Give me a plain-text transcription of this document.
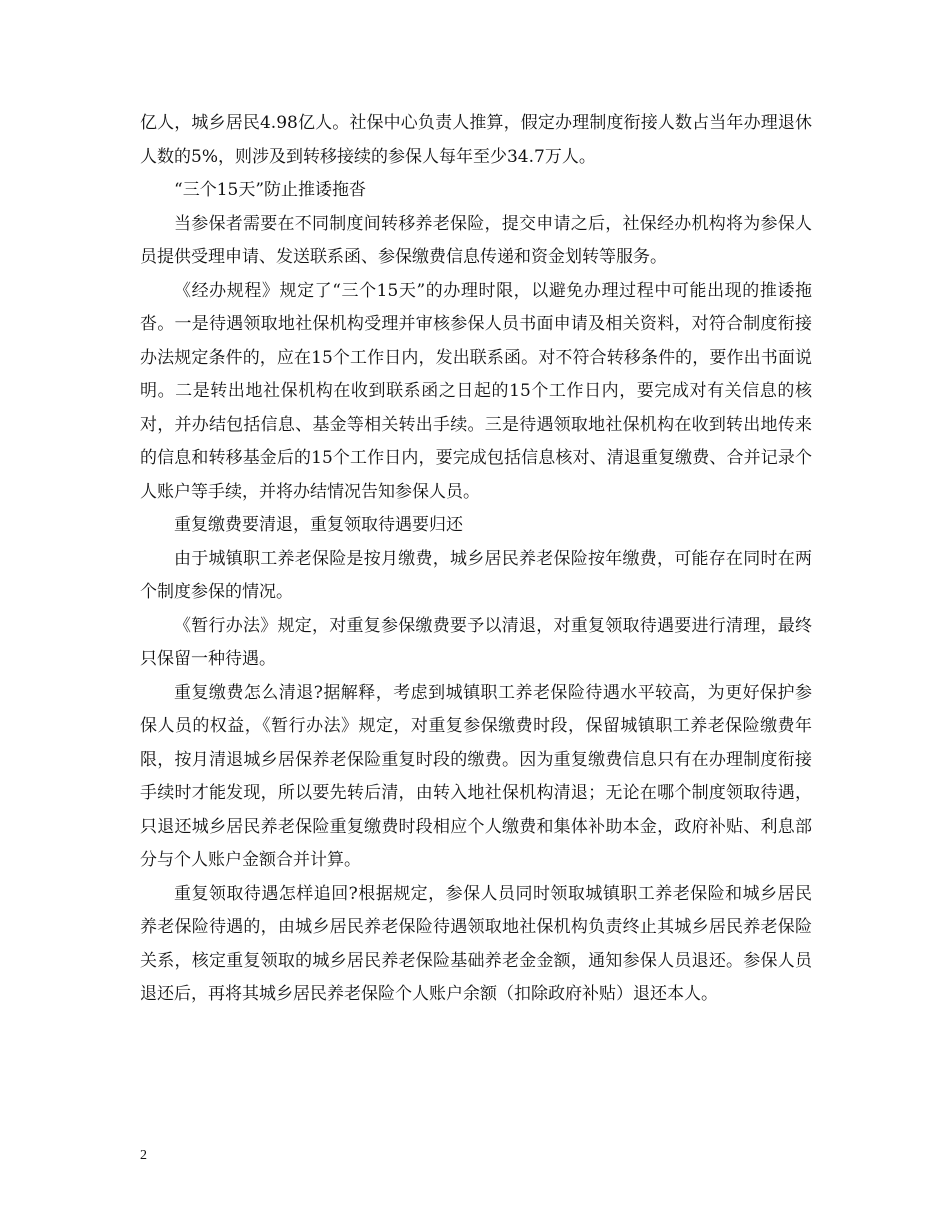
亿人，城乡居民4.98亿人。社保中心负责人推算，假定办理制度衔接人数占当年办理退休人数的5%，则涉及到转移接续的参保人每年至少34.7万人。

“三个15天”防止推诿拖沓

当参保者需要在不同制度间转移养老保险，提交申请之后，社保经办机构将为参保人员提供受理申请、发送联系函、参保缴费信息传递和资金划转等服务。

《经办规程》规定了“三个15天”的办理时限，以避免办理过程中可能出现的推诿拖沓。一是待遇领取地社保机构受理并审核参保人员书面申请及相关资料，对符合制度衔接办法规定条件的，应在15个工作日内，发出联系函。对不符合转移条件的，要作出书面说明。二是转出地社保机构在收到联系函之日起的15个工作日内，要完成对有关信息的核对，并办结包括信息、基金等相关转出手续。三是待遇领取地社保机构在收到转出地传来的信息和转移基金后的15个工作日内，要完成包括信息核对、清退重复缴费、合并记录个人账户等手续，并将办结情况告知参保人员。

重复缴费要清退，重复领取待遇要归还

由于城镇职工养老保险是按月缴费，城乡居民养老保险按年缴费，可能存在同时在两个制度参保的情况。

《暂行办法》规定，对重复参保缴费要予以清退，对重复领取待遇要进行清理，最终只保留一种待遇。

重复缴费怎么清退?据解释，考虑到城镇职工养老保险待遇水平较高，为更好保护参保人员的权益，《暂行办法》规定，对重复参保缴费时段，保留城镇职工养老保险缴费年限，按月清退城乡居保养老保险重复时段的缴费。因为重复缴费信息只有在办理制度衔接手续时才能发现，所以要先转后清，由转入地社保机构清退；无论在哪个制度领取待遇，只退还城乡居民养老保险重复缴费时段相应个人缴费和集体补助本金，政府补贴、利息部分与个人账户金额合并计算。

重复领取待遇怎样追回?根据规定，参保人员同时领取城镇职工养老保险和城乡居民养老保险待遇的，由城乡居民养老保险待遇领取地社保机构负责终止其城乡居民养老保险关系，核定重复领取的城乡居民养老保险基础养老金金额，通知参保人员退还。参保人员退还后，再将其城乡居民养老保险个人账户余额（扣除政府补贴）退还本人。

2
